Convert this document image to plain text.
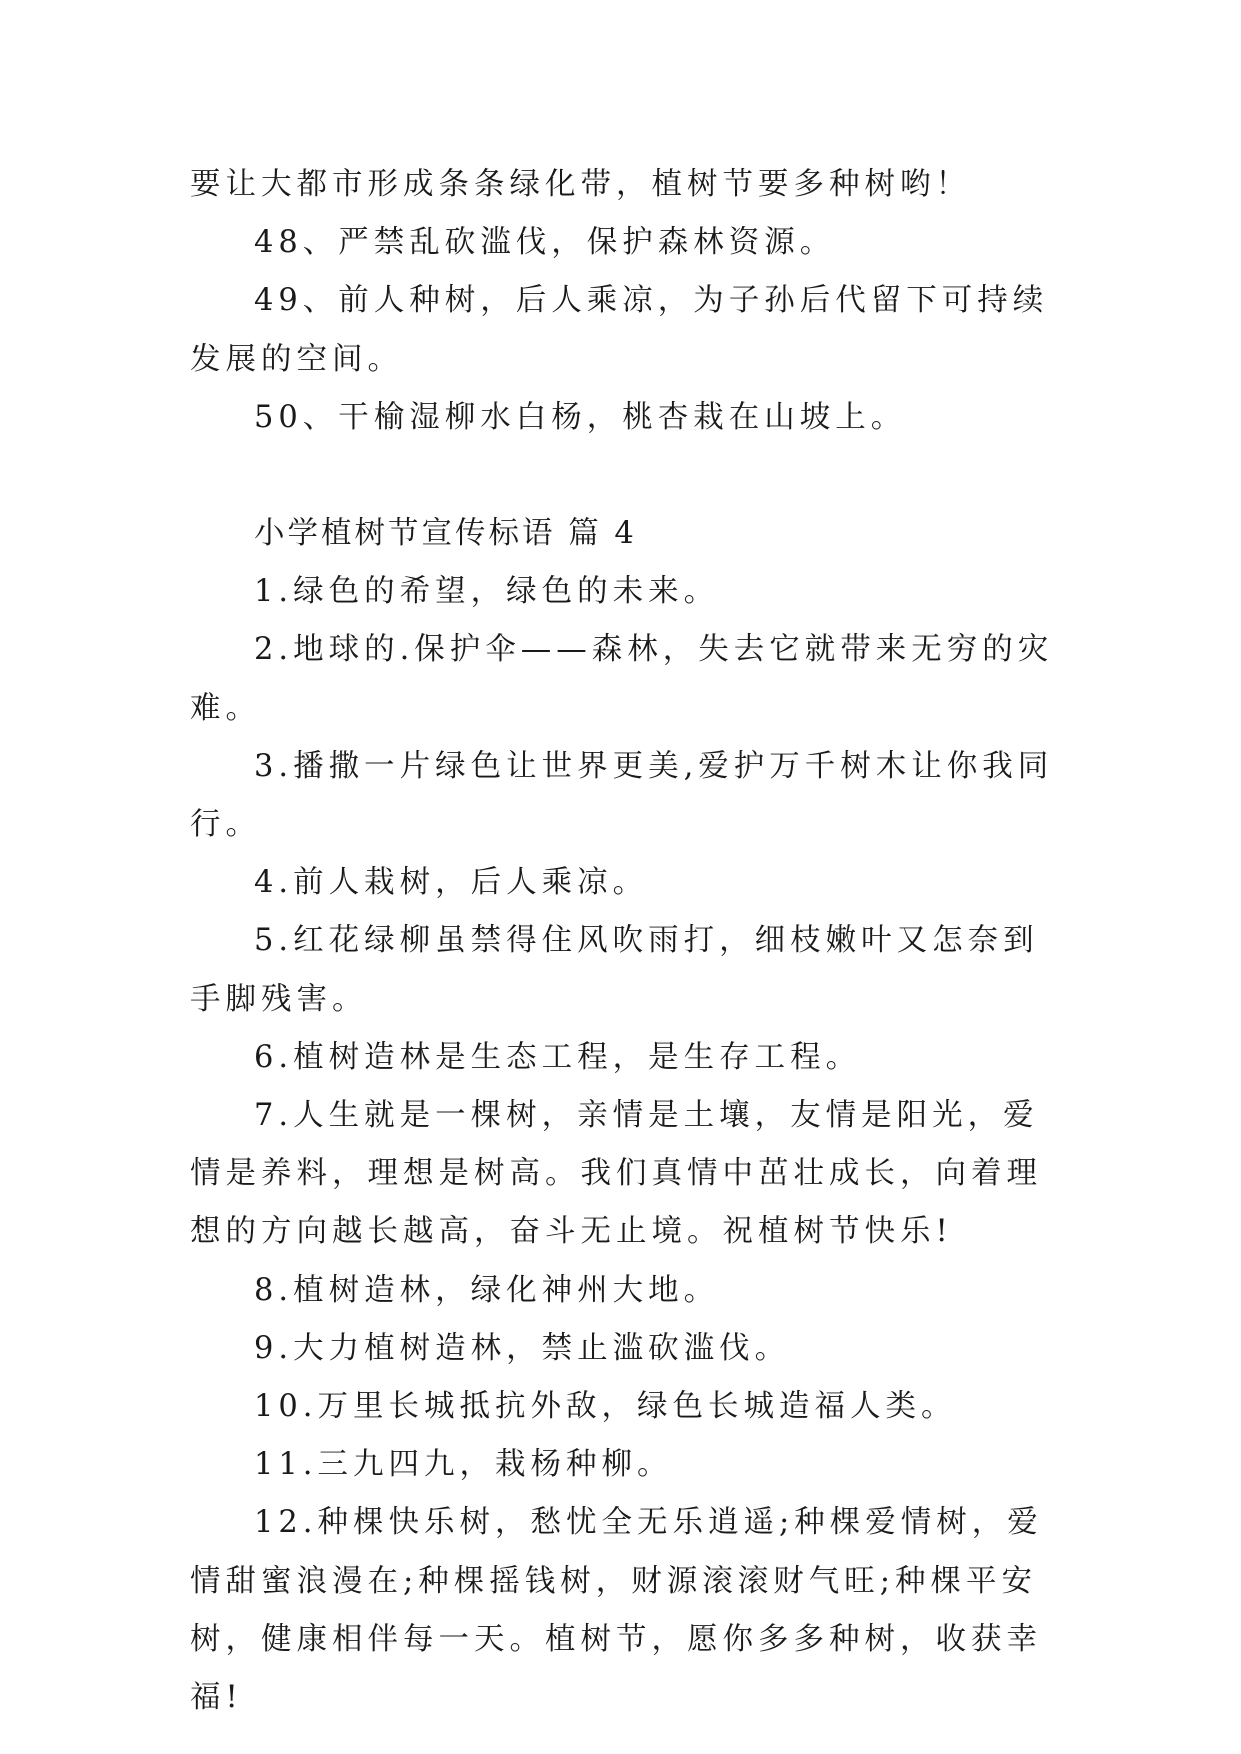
要让大都市形成条条绿化带，植树节要多种树哟！

48、严禁乱砍滥伐，保护森林资源。

49、前人种树，后人乘凉，为子孙后代留下可持续发展的空间。

50、干榆湿柳水白杨，桃杏栽在山坡上。

小学植树节宣传标语 篇 4

1.绿色的希望，绿色的未来。

2.地球的.保护伞——森林，失去它就带来无穷的灾难。

3.播撒一片绿色让世界更美,爱护万千树木让你我同行。

4.前人栽树，后人乘凉。

5.红花绿柳虽禁得住风吹雨打，细枝嫩叶又怎奈到手脚残害。

6.植树造林是生态工程，是生存工程。

7.人生就是一棵树，亲情是土壤，友情是阳光，爱情是养料，理想是树高。我们真情中茁壮成长，向着理想的方向越长越高，奋斗无止境。祝植树节快乐!

8.植树造林，绿化神州大地。

9.大力植树造林，禁止滥砍滥伐。

10.万里长城抵抗外敌，绿色长城造福人类。

11.三九四九，栽杨种柳。

12.种棵快乐树，愁忧全无乐逍遥;种棵爱情树，爱情甜蜜浪漫在;种棵摇钱树，财源滚滚财气旺;种棵平安树，健康相伴每一天。植树节，愿你多多种树，收获幸福!
